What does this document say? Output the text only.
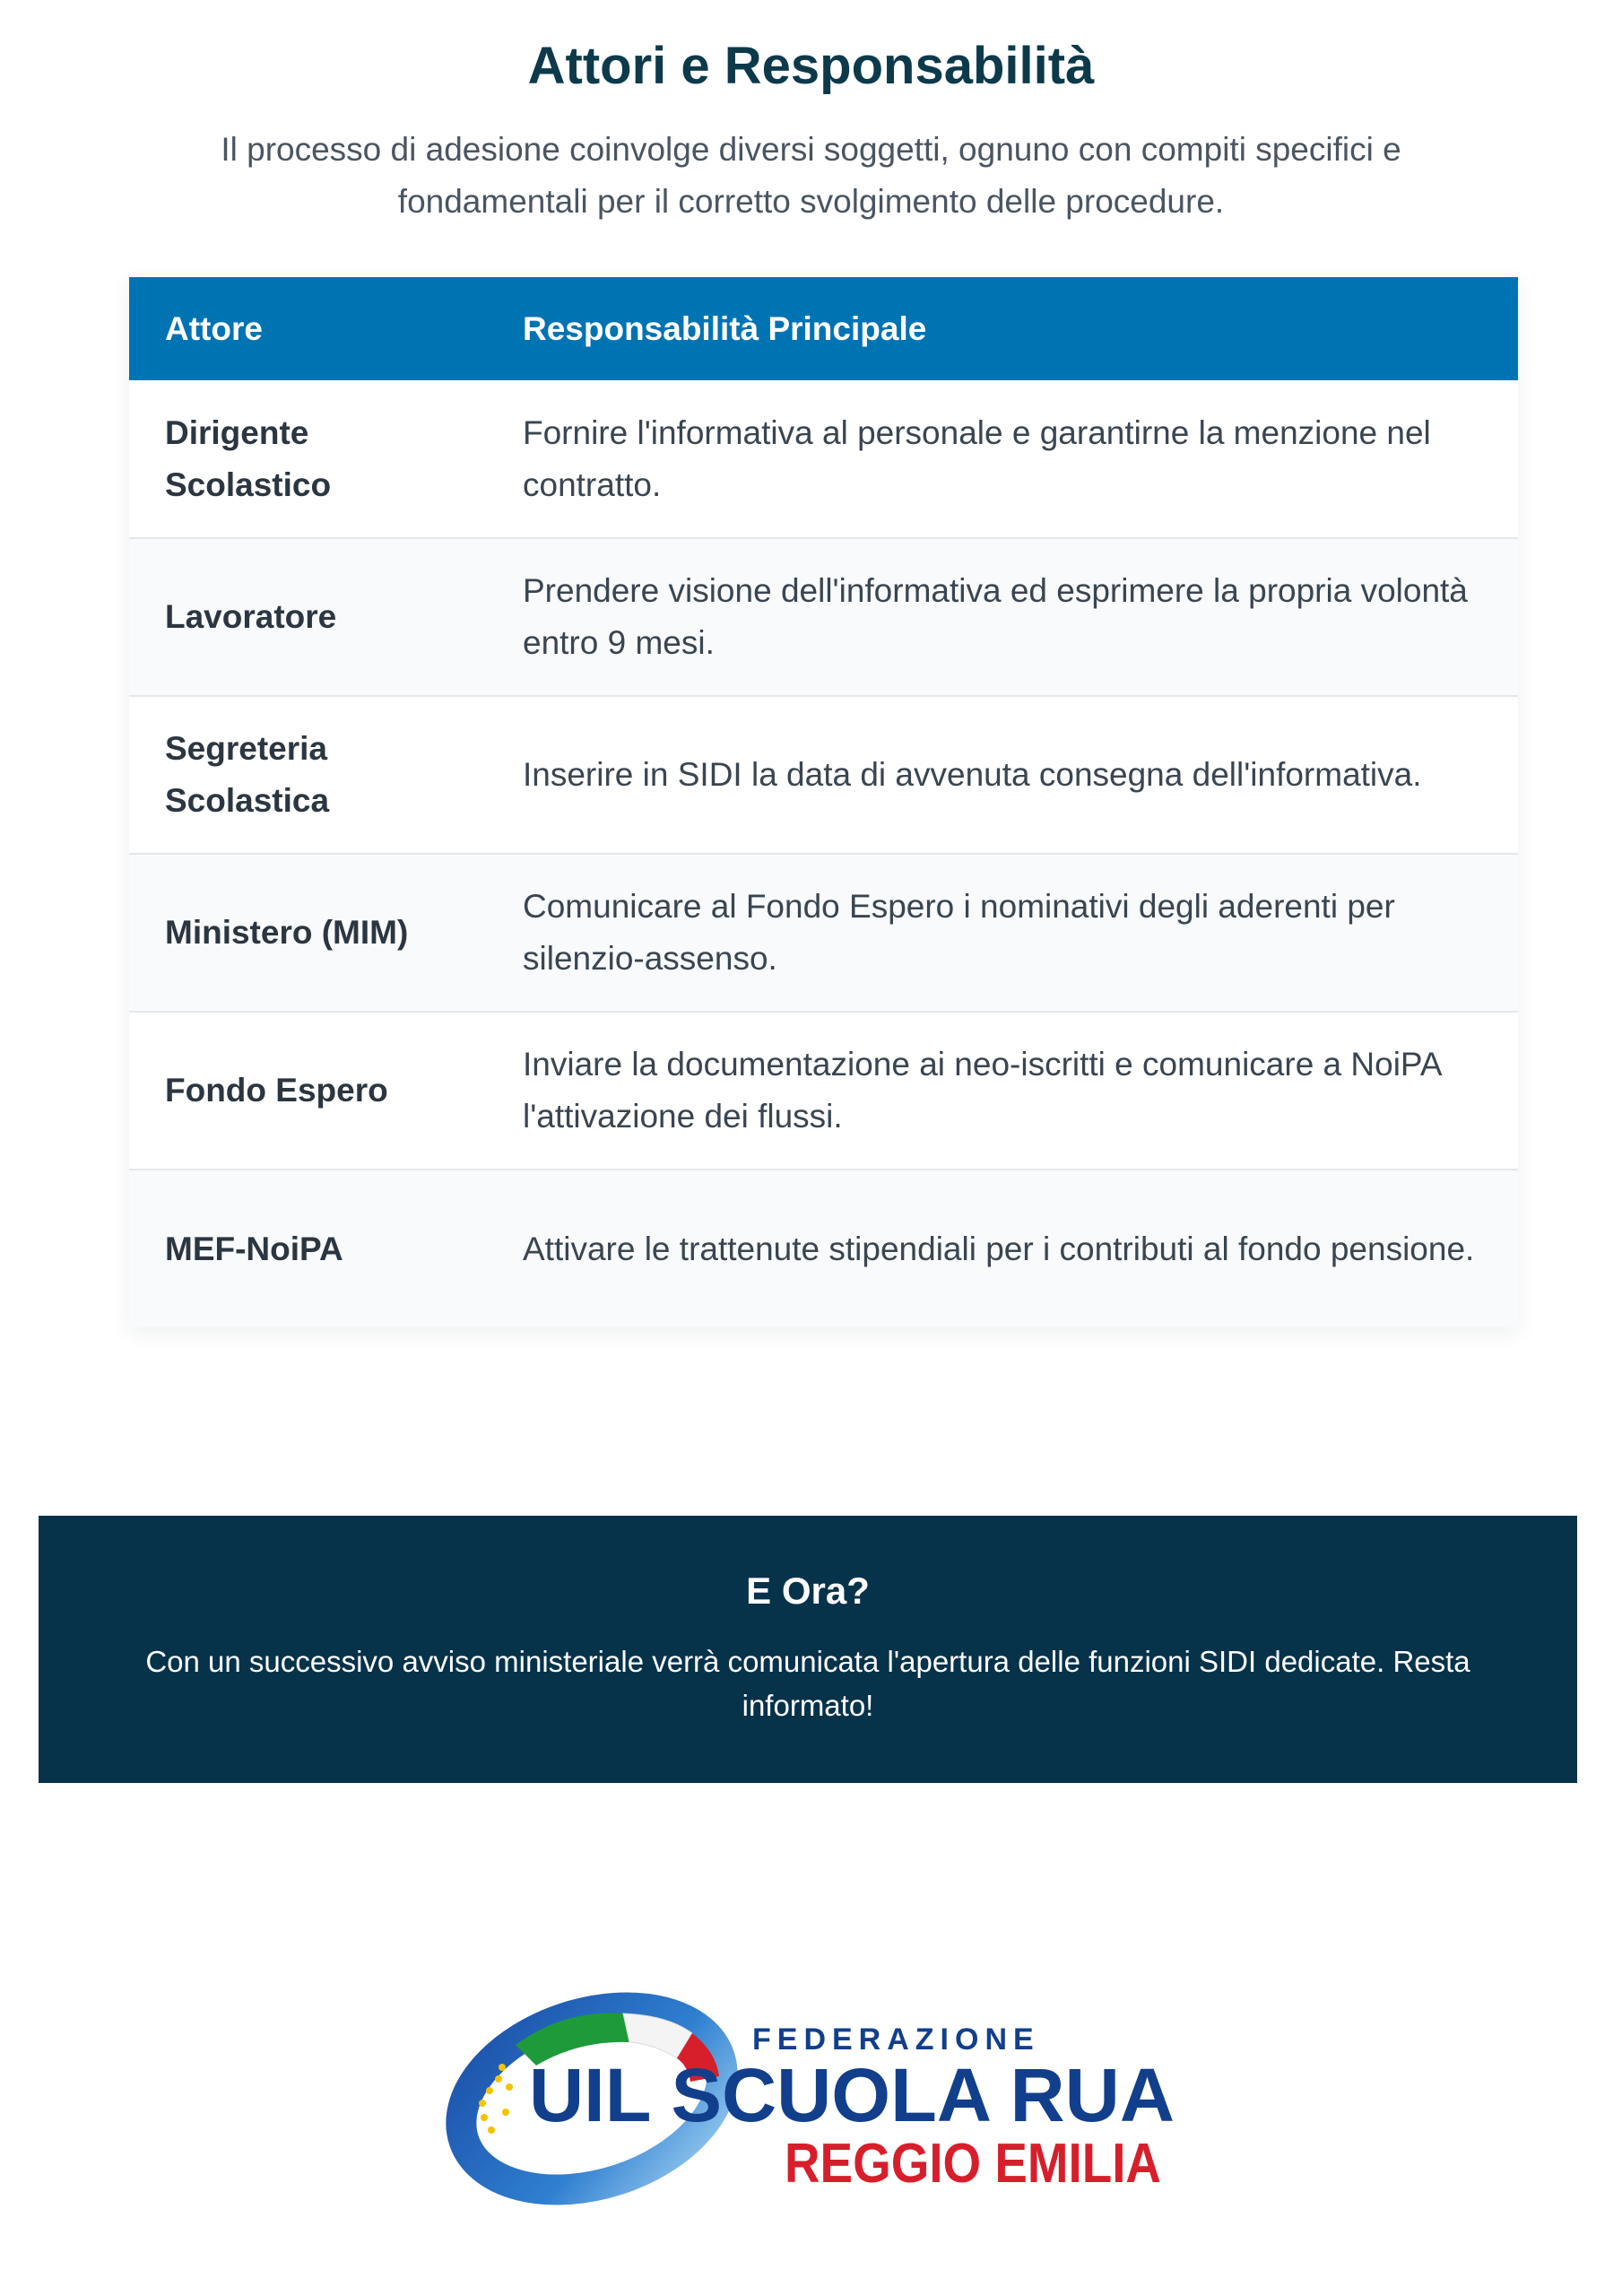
Attori e Responsabilità

Il processo di adesione coinvolge diversi soggetti, ognuno con compiti specifici e fondamentali per il corretto svolgimento delle procedure.

Attore	Responsabilità Principale
Dirigente Scolastico	Fornire l'informativa al personale e garantirne la menzione nel contratto.
Lavoratore	Prendere visione dell'informativa ed esprimere la propria volontà entro 9 mesi.
Segreteria Scolastica	Inserire in SIDI la data di avvenuta consegna dell'informativa.
Ministero (MIM)	Comunicare al Fondo Espero i nominativi degli aderenti per silenzio-assenso.
Fondo Espero	Inviare la documentazione ai neo-iscritti e comunicare a NoiPA l'attivazione dei flussi.
MEF-NoiPA	Attivare le trattenute stipendiali per i contributi al fondo pensione.
E Ora?

Con un successivo avviso ministeriale verrà comunicata l'apertura delle funzioni SIDI dedicate. Resta informato!

FEDERAZIONE
UIL SCUOLA RUA
REGGIO EMILIA
